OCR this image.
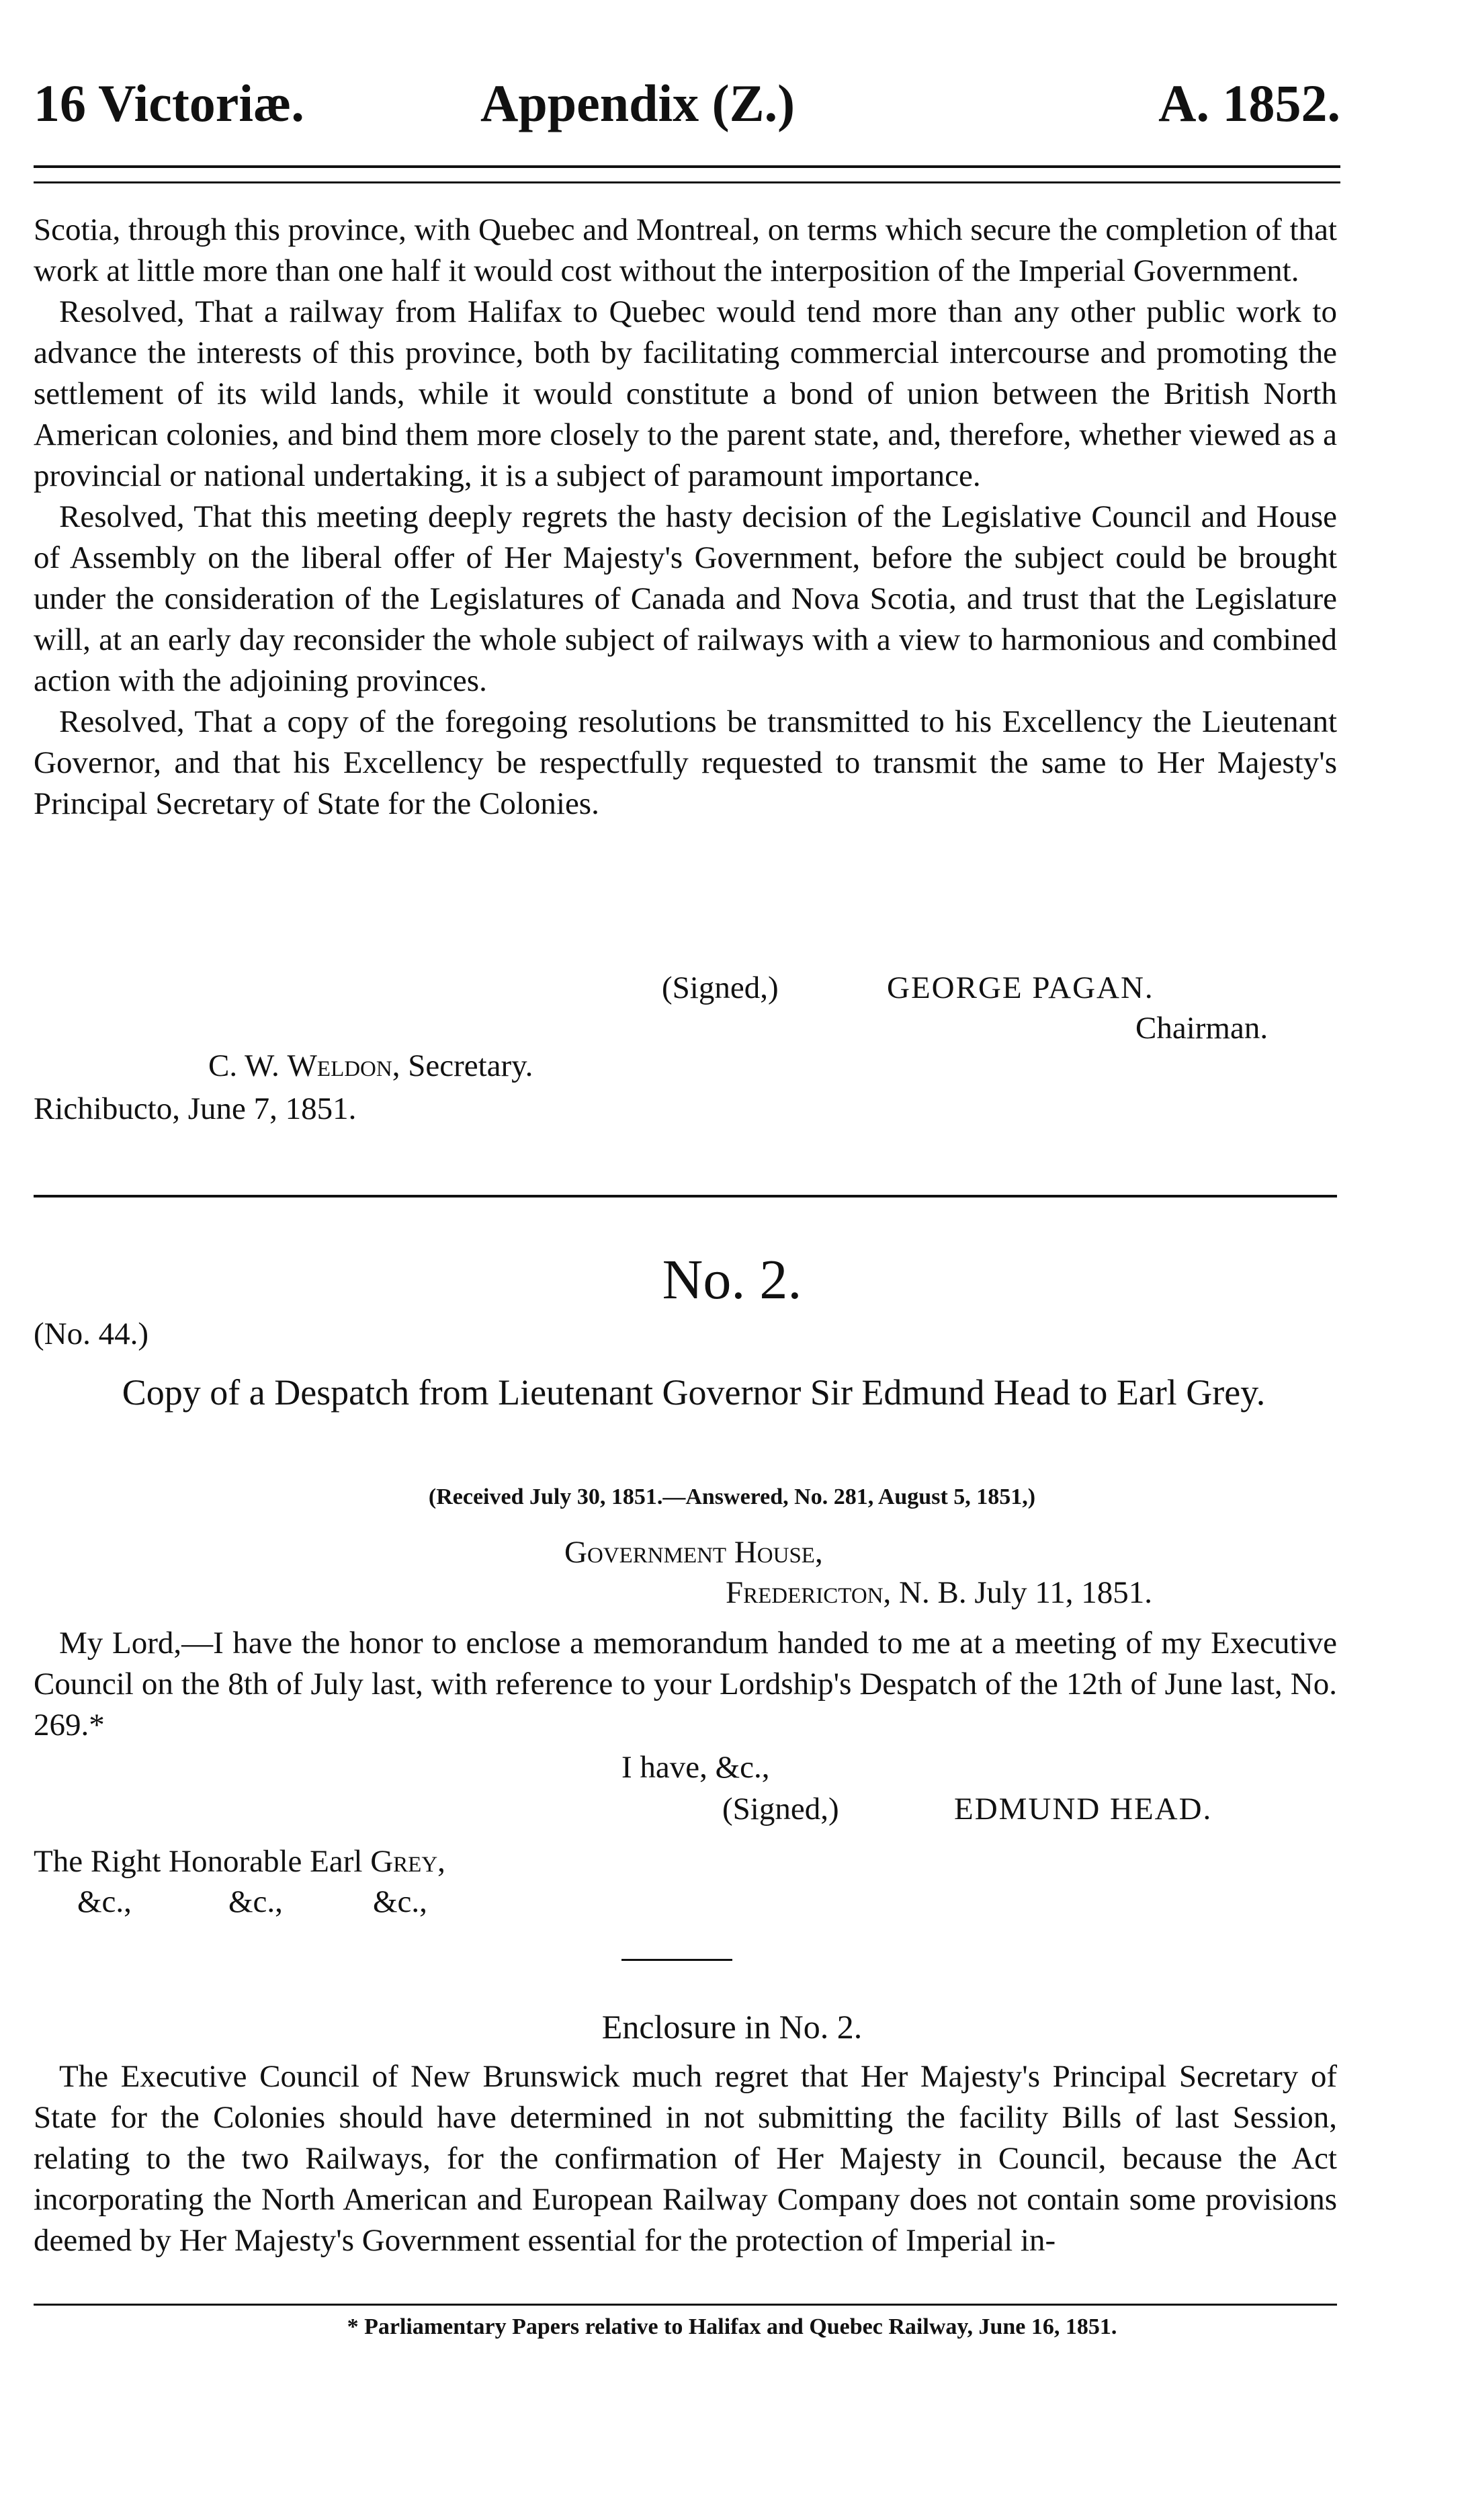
16 Victoriæ.	Appendix (Z.)	A. 1852.

Scotia, through this province, with Quebec and Montreal, on terms which secure the completion of that work at little more than one half it would cost without the interposition of the Imperial Government.

Resolved, That a railway from Halifax to Quebec would tend more than any other public work to advance the interests of this province, both by facilitating commercial intercourse and promoting the settlement of its wild lands, while it would constitute a bond of union between the British North American colonies, and bind them more closely to the parent state, and, therefore, whether viewed as a provincial or national undertaking, it is a subject of paramount importance.

Resolved, That this meeting deeply regrets the hasty decision of the Legislative Council and House of Assembly on the liberal offer of Her Majesty's Government, before the subject could be brought under the consideration of the Legislatures of Canada and Nova Scotia, and trust that the Legislature will, at an early day reconsider the whole subject of railways with a view to harmonious and combined action with the adjoining provinces.

Resolved, That a copy of the foregoing resolutions be transmitted to his Excellency the Lieutenant Governor, and that his Excellency be respectfully requested to transmit the same to Her Majesty's Principal Secretary of State for the Colonies.

(Signed,)	GEORGE PAGAN.
Chairman.
C. W. Weldon, Secretary.
Richibucto, June 7, 1851.
No. 2.
(No. 44.)
Copy of a Despatch from Lieutenant Governor Sir Edmund Head to Earl Grey.
(Received July 30, 1851.—Answered, No. 281, August 5, 1851,)
Government House,
Fredericton, N. B. July 11, 1851.

My Lord,—I have the honor to enclose a memorandum handed to me at a meeting of my Executive Council on the 8th of July last, with reference to your Lordship's Despatch of the 12th of June last, No. 269.*

I have, &c.,
(Signed,)	EDMUND HEAD.
The Right Honorable Earl Grey,
&c.,	&c.,	&c.,
Enclosure in No. 2.

The Executive Council of New Brunswick much regret that Her Majesty's Principal Secretary of State for the Colonies should have determined in not submitting the facility Bills of last Session, relating to the two Railways, for the confirmation of Her Majesty in Council, because the Act incorporating the North American and European Railway Company does not contain some provisions deemed by Her Majesty's Government essential for the protection of Imperial in-

* Parliamentary Papers relative to Halifax and Quebec Railway, June 16, 1851.
